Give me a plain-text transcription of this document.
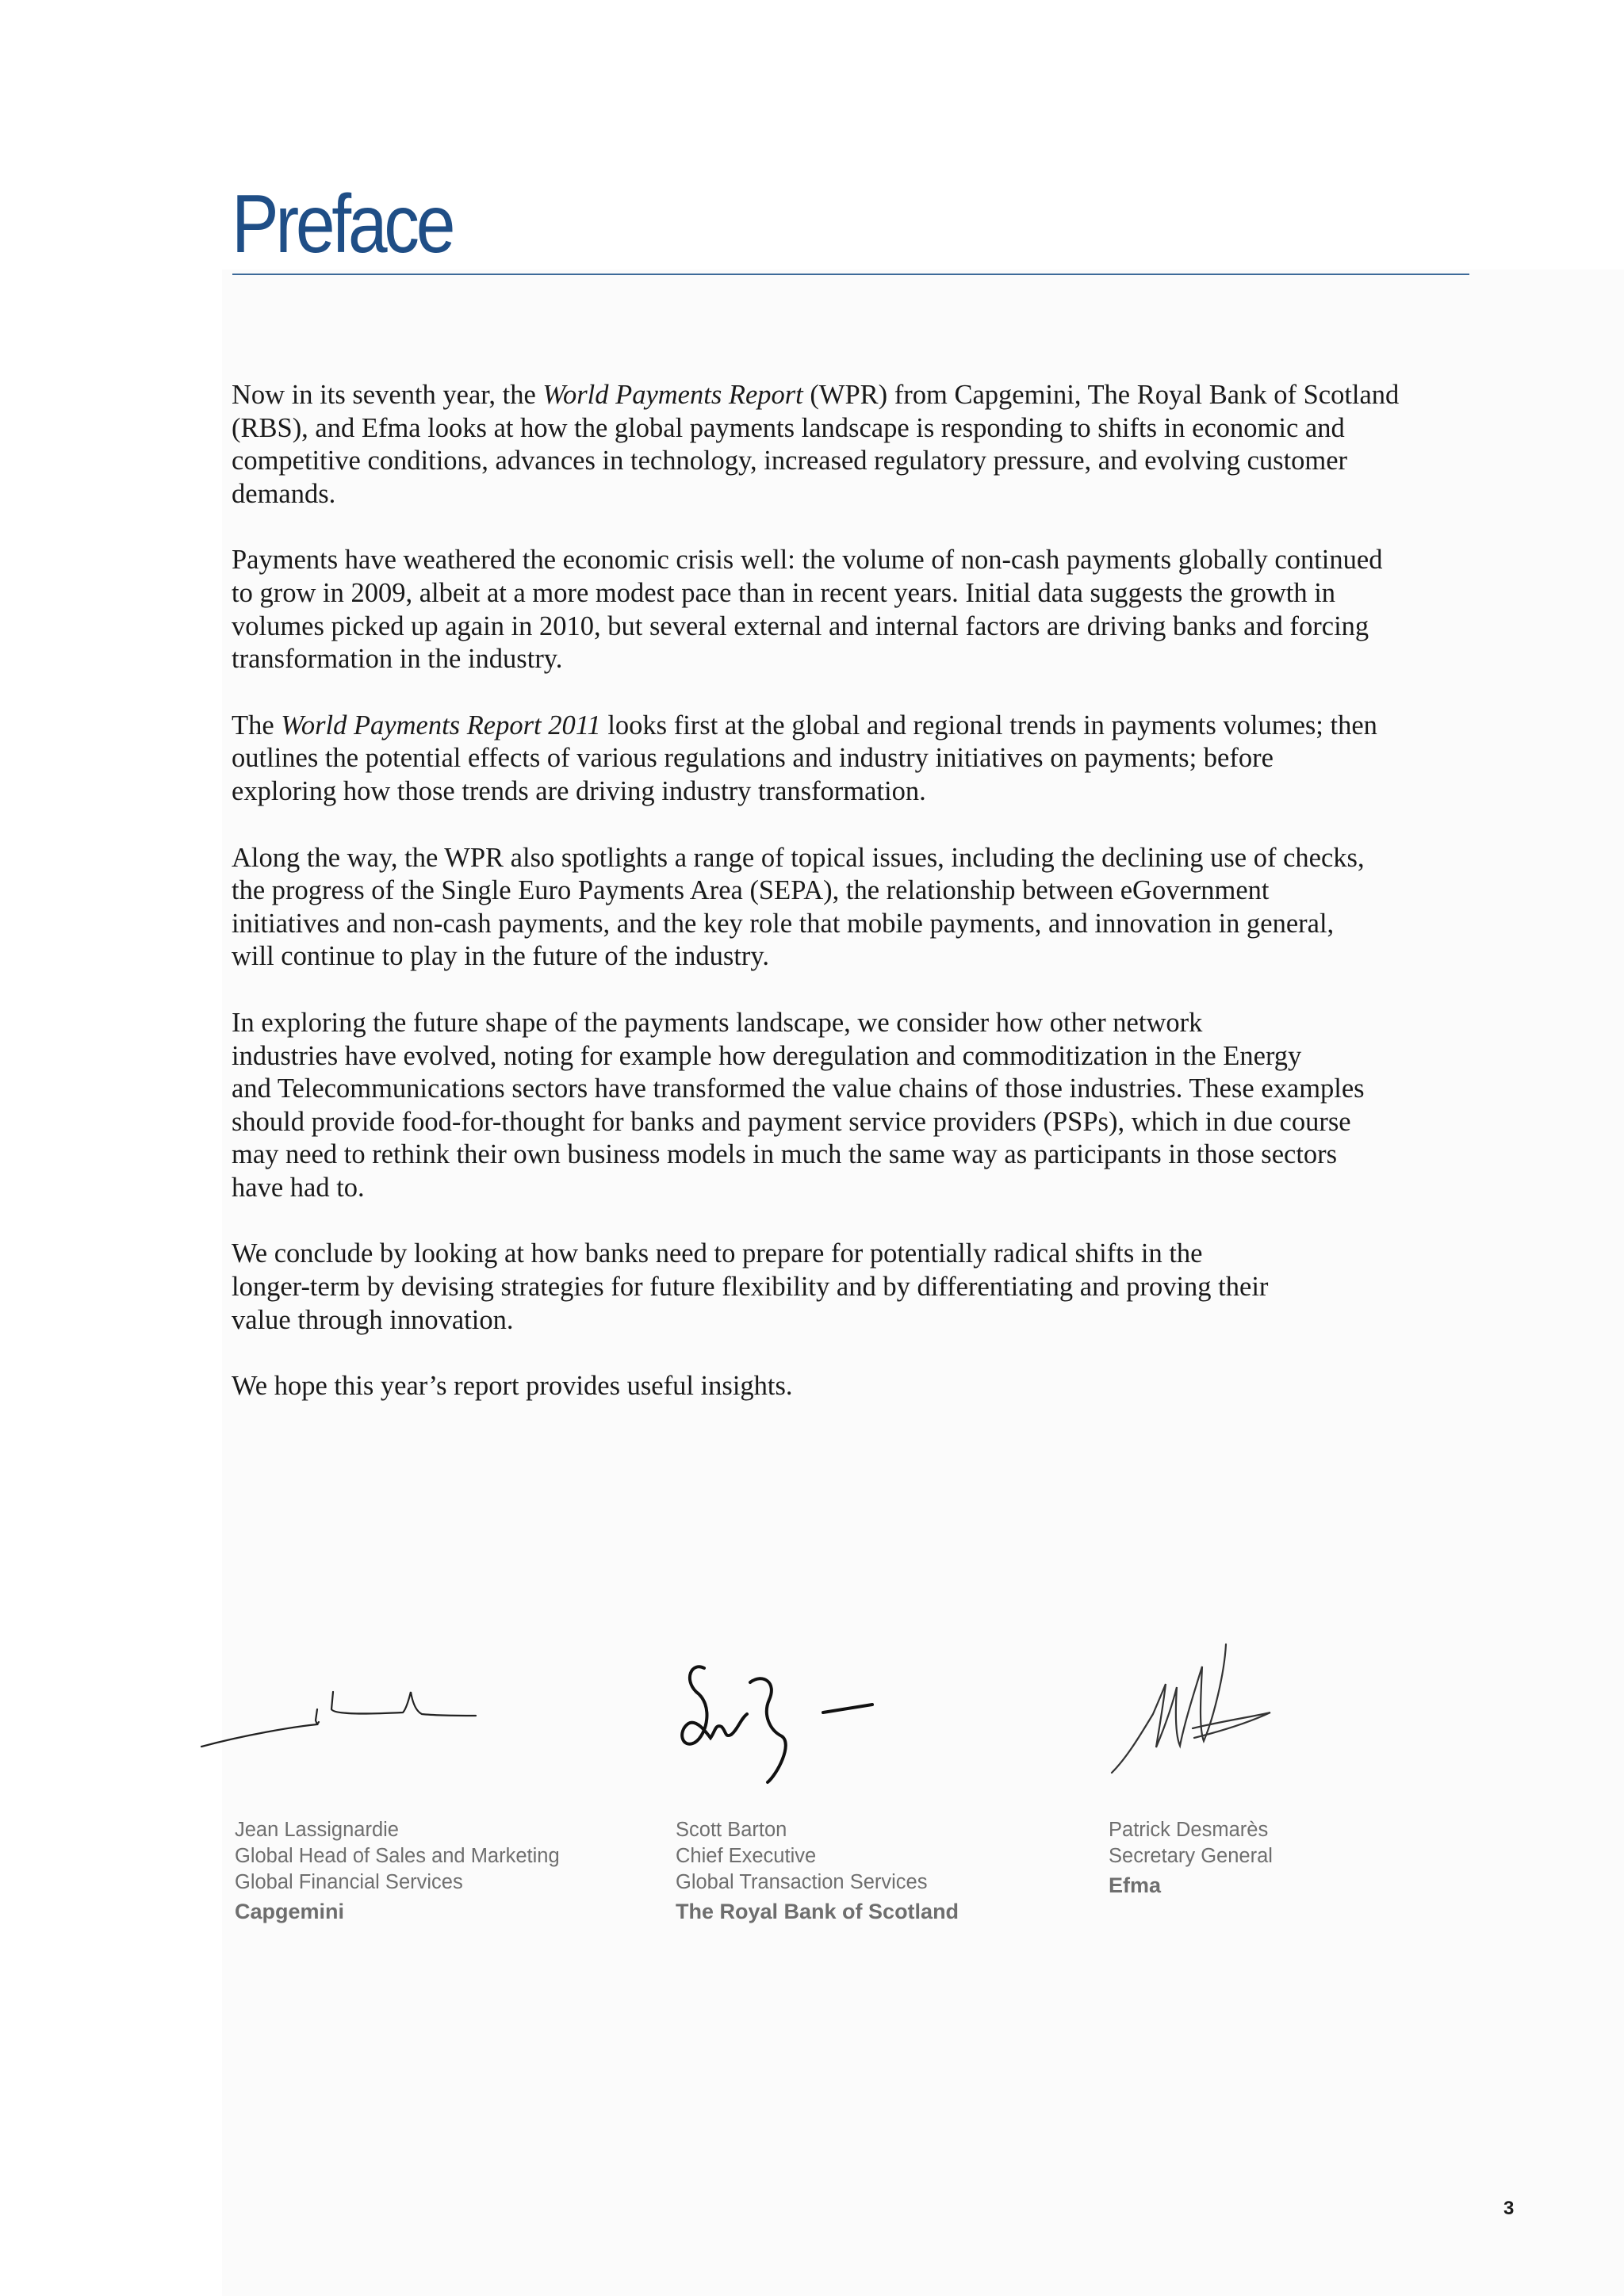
Preface

Now in its seventh year, the World Payments Report (WPR) from Capgemini, The Royal Bank of Scotland
(RBS), and Efma looks at how the global payments landscape is responding to shifts in economic and
competitive conditions, advances in technology, increased regulatory pressure, and evolving customer
demands.

Payments have weathered the economic crisis well: the volume of non-cash payments globally continued
to grow in 2009, albeit at a more modest pace than in recent years. Initial data suggests the growth in
volumes picked up again in 2010, but several external and internal factors are driving banks and forcing
transformation in the industry.

The World Payments Report 2011 looks first at the global and regional trends in payments volumes; then
outlines the potential effects of various regulations and industry initiatives on payments; before
exploring how those trends are driving industry transformation.

Along the way, the WPR also spotlights a range of topical issues, including the declining use of checks,
the progress of the Single Euro Payments Area (SEPA), the relationship between eGovernment
initiatives and non-cash payments, and the key role that mobile payments, and innovation in general,
will continue to play in the future of the industry.

In exploring the future shape of the payments landscape, we consider how other network
industries have evolved, noting for example how deregulation and commoditization in the Energy
and Telecommunications sectors have transformed the value chains of those industries. These examples
should provide food-for-thought for banks and payment service providers (PSPs), which in due course
may need to rethink their own business models in much the same way as participants in those sectors
have had to.

We conclude by looking at how banks need to prepare for potentially radical shifts in the
longer-term by devising strategies for future flexibility and by differentiating and proving their
value through innovation.

We hope this year’s report provides useful insights.

Jean Lassignardie
Global Head of Sales and Marketing
Global Financial Services
Capgemini
Scott Barton
Chief Executive
Global Transaction Services
The Royal Bank of Scotland
Patrick Desmarès
Secretary General
Efma
3
